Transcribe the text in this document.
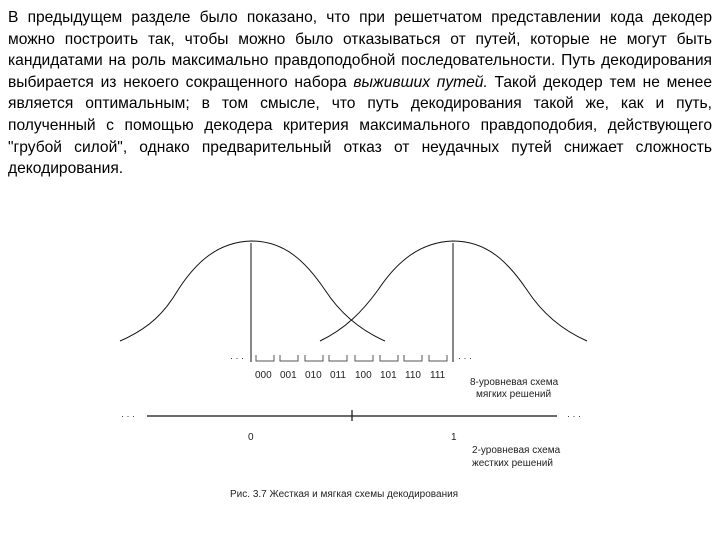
В предыдущем разделе было показано, что при решетчатом представлении кода декодер можно построить так, чтобы можно было отказываться от путей, которые не могут быть кандидатами на роль максимально правдоподобной последовательности. Путь декодирования выбирается из некоего сокращенного набора выживших путей. Такой декодер тем не менее является оптимальным; в том смысле, что путь декодирования такой же, как и путь, полученный с помощью декодера критерия максимального правдоподобия, действующего "грубой силой", однако предварительный отказ от неудачных путей снижает сложность декодирования.
· · ·	· · ·
000 001 010 011 100 101 110 111
8-уровневая схема
мягких решений
· · ·	· · ·
0	1
2-уровневая схема
жестких решений
Рис. 3.7 Жесткая и мягкая схемы декодирования
